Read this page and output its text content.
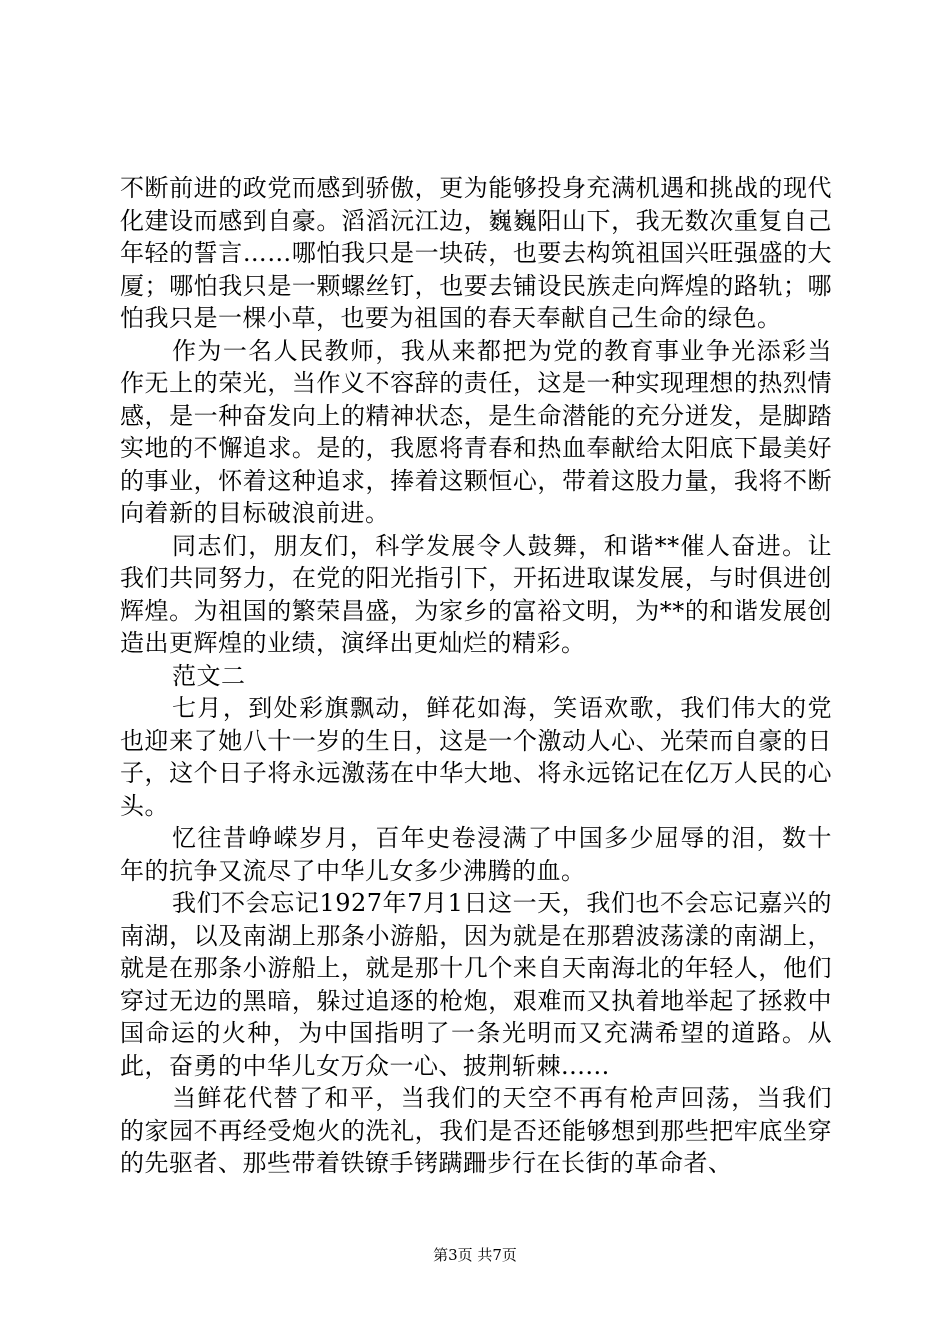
不断前进的政党而感到骄傲，更为能够投身充满机遇和挑战的现代化建设而感到自豪。滔滔沅江边，巍巍阳山下，我无数次重复自己年轻的誓言……哪怕我只是一块砖，也要去构筑祖国兴旺强盛的大厦；哪怕我只是一颗螺丝钉，也要去铺设民族走向辉煌的路轨；哪怕我只是一棵小草，也要为祖国的春天奉献自己生命的绿色。

作为一名人民教师，我从来都把为党的教育事业争光添彩当作无上的荣光，当作义不容辞的责任，这是一种实现理想的热烈情感，是一种奋发向上的精神状态，是生命潜能的充分迸发，是脚踏实地的不懈追求。是的，我愿将青春和热血奉献给太阳底下最美好的事业，怀着这种追求，捧着这颗恒心，带着这股力量，我将不断向着新的目标破浪前进。

同志们，朋友们，科学发展令人鼓舞，和谐**催人奋进。让我们共同努力，在党的阳光指引下，开拓进取谋发展，与时俱进创辉煌。为祖国的繁荣昌盛，为家乡的富裕文明，为**的和谐发展创造出更辉煌的业绩，演绎出更灿烂的精彩。

范文二

七月，到处彩旗飘动，鲜花如海，笑语欢歌，我们伟大的党也迎来了她八十一岁的生日，这是一个激动人心、光荣而自豪的日子，这个日子将永远激荡在中华大地、将永远铭记在亿万人民的心头。

忆往昔峥嵘岁月，百年史卷浸满了中国多少屈辱的泪，数十年的抗争又流尽了中华儿女多少沸腾的血。

我们不会忘记1927年7月1日这一天，我们也不会忘记嘉兴的南湖，以及南湖上那条小游船，因为就是在那碧波荡漾的南湖上，就是在那条小游船上，就是那十几个来自天南海北的年轻人，他们穿过无边的黑暗，躲过追逐的枪炮，艰难而又执着地举起了拯救中国命运的火种，为中国指明了一条光明而又充满希望的道路。从此，奋勇的中华儿女万众一心、披荆斩棘......

当鲜花代替了和平，当我们的天空不再有枪声回荡，当我们的家园不再经受炮火的洗礼，我们是否还能够想到那些把牢底坐穿的先驱者、那些带着铁镣手铐蹒跚步行在长街的革命者、

第3页 共7页
